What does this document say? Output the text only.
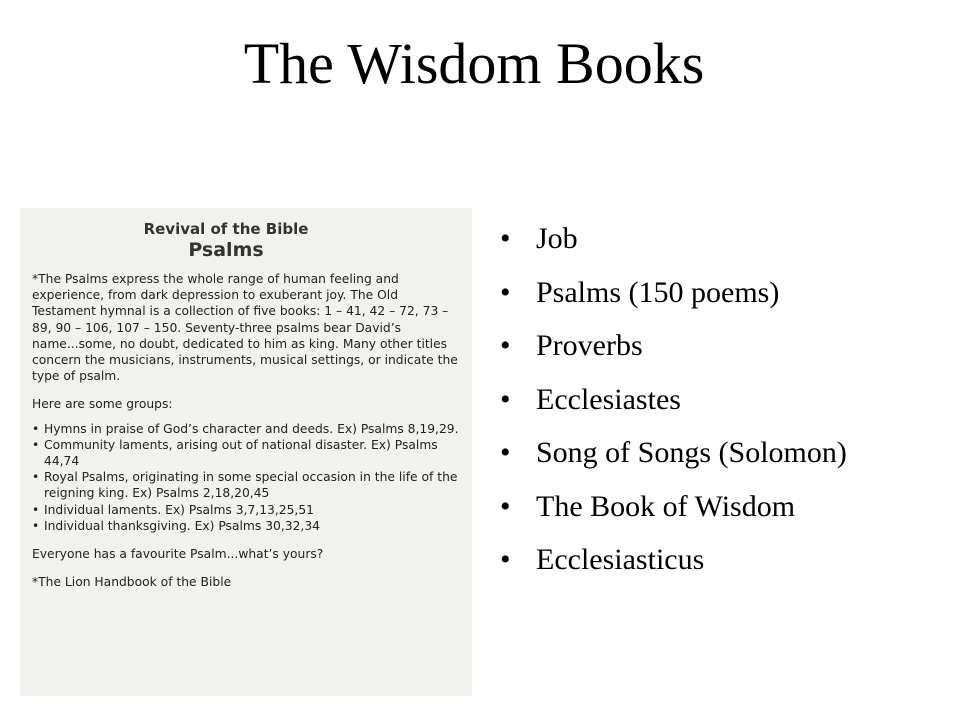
The Wisdom Books
Revival of the Bible
Psalms

*The Psalms express the whole range of human feeling and experience, from dark depression to exuberant joy. The Old Testament hymnal is a collection of five books: 1 – 41, 42 – 72, 73 – 89, 90 – 106, 107 – 150. Seventy-three psalms bear David’s name...some, no doubt, dedicated to him as king. Many other titles concern the musicians, instruments, musical settings, or indicate the type of psalm.

Here are some groups:

• Hymns in praise of God’s character and deeds. Ex) Psalms 8,19,29.
• Community laments, arising out of national disaster. Ex) Psalms 44,74
• Royal Psalms, originating in some special occasion in the life of the reigning king. Ex) Psalms 2,18,20,45
• Individual laments. Ex) Psalms 3,7,13,25,51
• Individual thanksgiving. Ex) Psalms 30,32,34

Everyone has a favourite Psalm...what’s yours?

*The Lion Handbook of the Bible

• Job
• Psalms (150 poems)
• Proverbs
• Ecclesiastes
• Song of Songs (Solomon)
• The Book of Wisdom
• Ecclesiasticus
